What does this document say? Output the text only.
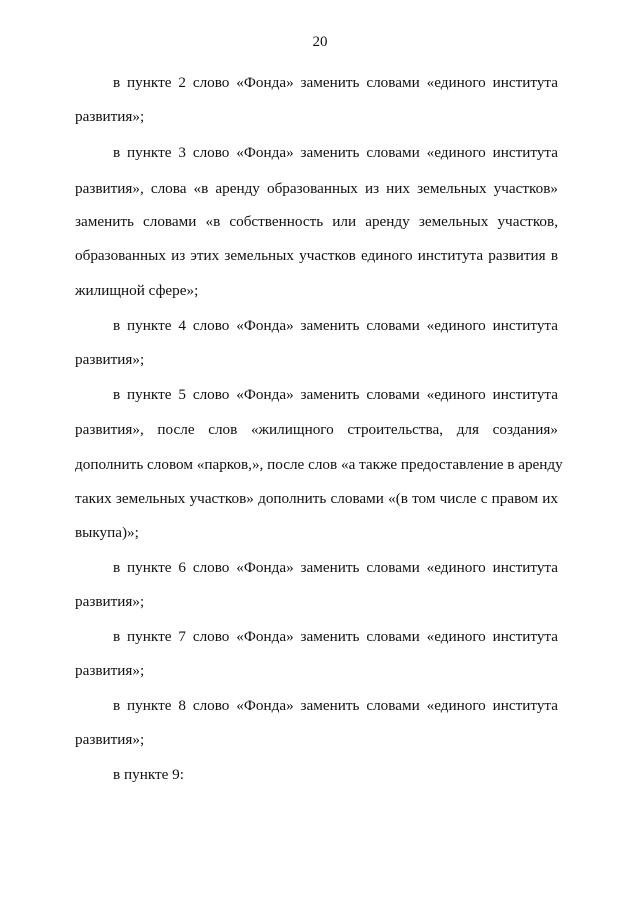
20
в пункте 2 слово «Фонда» заменить словами «единого института
развития»;
в пункте 3 слово «Фонда» заменить словами «единого института
развития», слова «в аренду образованных из них земельных участков»
заменить словами «в собственность или аренду земельных участков,
образованных из этих земельных участков единого института развития в
жилищной сфере»;
в пункте 4 слово «Фонда» заменить словами «единого института
развития»;
в пункте 5 слово «Фонда» заменить словами «единого института
развития», после слов «жилищного строительства, для создания»
дополнить словом «парков,», после слов «а также предоставление в аренду
таких земельных участков» дополнить словами «(в том числе с правом их
выкупа)»;
в пункте 6 слово «Фонда» заменить словами «единого института
развития»;
в пункте 7 слово «Фонда» заменить словами «единого института
развития»;
в пункте 8 слово «Фонда» заменить словами «единого института
развития»;
в пункте 9:
